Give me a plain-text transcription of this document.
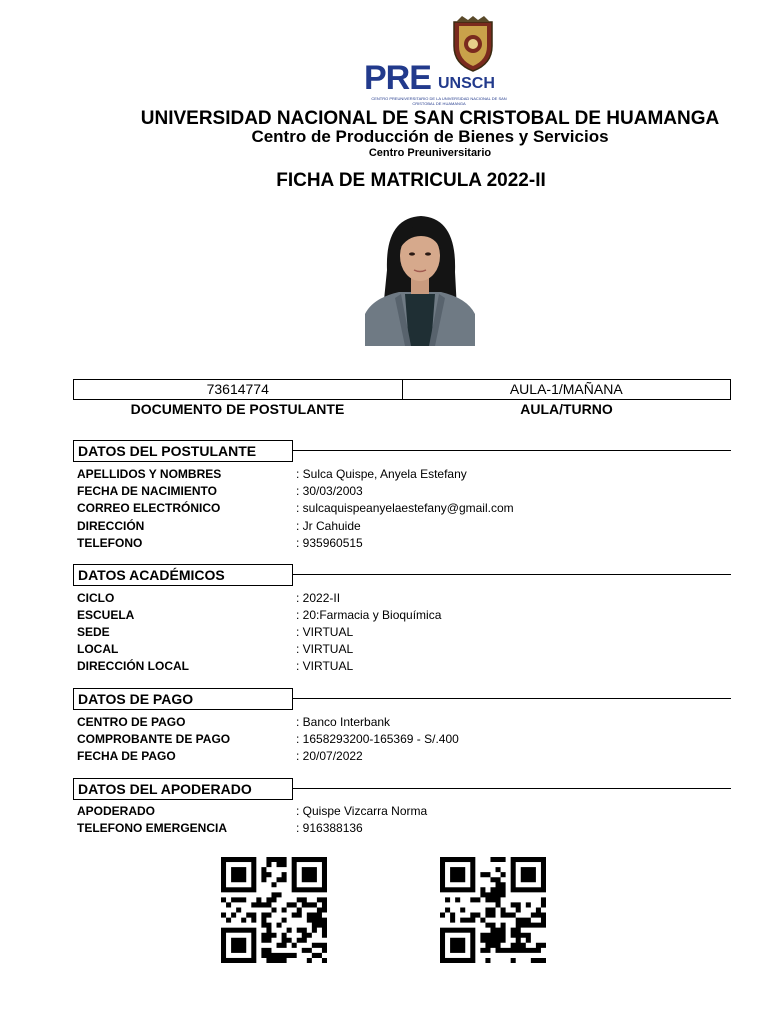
PRE UNSCH
CENTRO PREUNIVERSITARIO DE LA UNIVERSIDAD NACIONAL DE SAN CRISTOBAL DE HUAMANGA
UNIVERSIDAD NACIONAL DE SAN CRISTOBAL DE HUAMANGA
Centro de Producción de Bienes y Servicios
Centro Preuniversitario
FICHA DE MATRICULA 2022-II
73614774	AULA-1/MAÑANA
DOCUMENTO DE POSTULANTE	AULA/TURNO
DATOS DEL POSTULANTE
APELLIDOS Y NOMBRES	: Sulca Quispe, Anyela Estefany
FECHA DE NACIMIENTO	: 30/03/2003
CORREO ELECTRÓNICO	: sulcaquispeanyelaestefany@gmail.com
DIRECCIÓN	: Jr Cahuide
TELEFONO	: 935960515
DATOS ACADÉMICOS
CICLO	: 2022-II
ESCUELA	: 20:Farmacia y Bioquímica
SEDE	: VIRTUAL
LOCAL	: VIRTUAL
DIRECCIÓN LOCAL	: VIRTUAL
DATOS DE PAGO
CENTRO DE PAGO	: Banco Interbank
COMPROBANTE DE PAGO	: 1658293200-165369 - S/.400
FECHA DE PAGO	: 20/07/2022
DATOS DEL APODERADO
APODERADO	: Quispe Vizcarra Norma
TELEFONO EMERGENCIA	: 916388136
